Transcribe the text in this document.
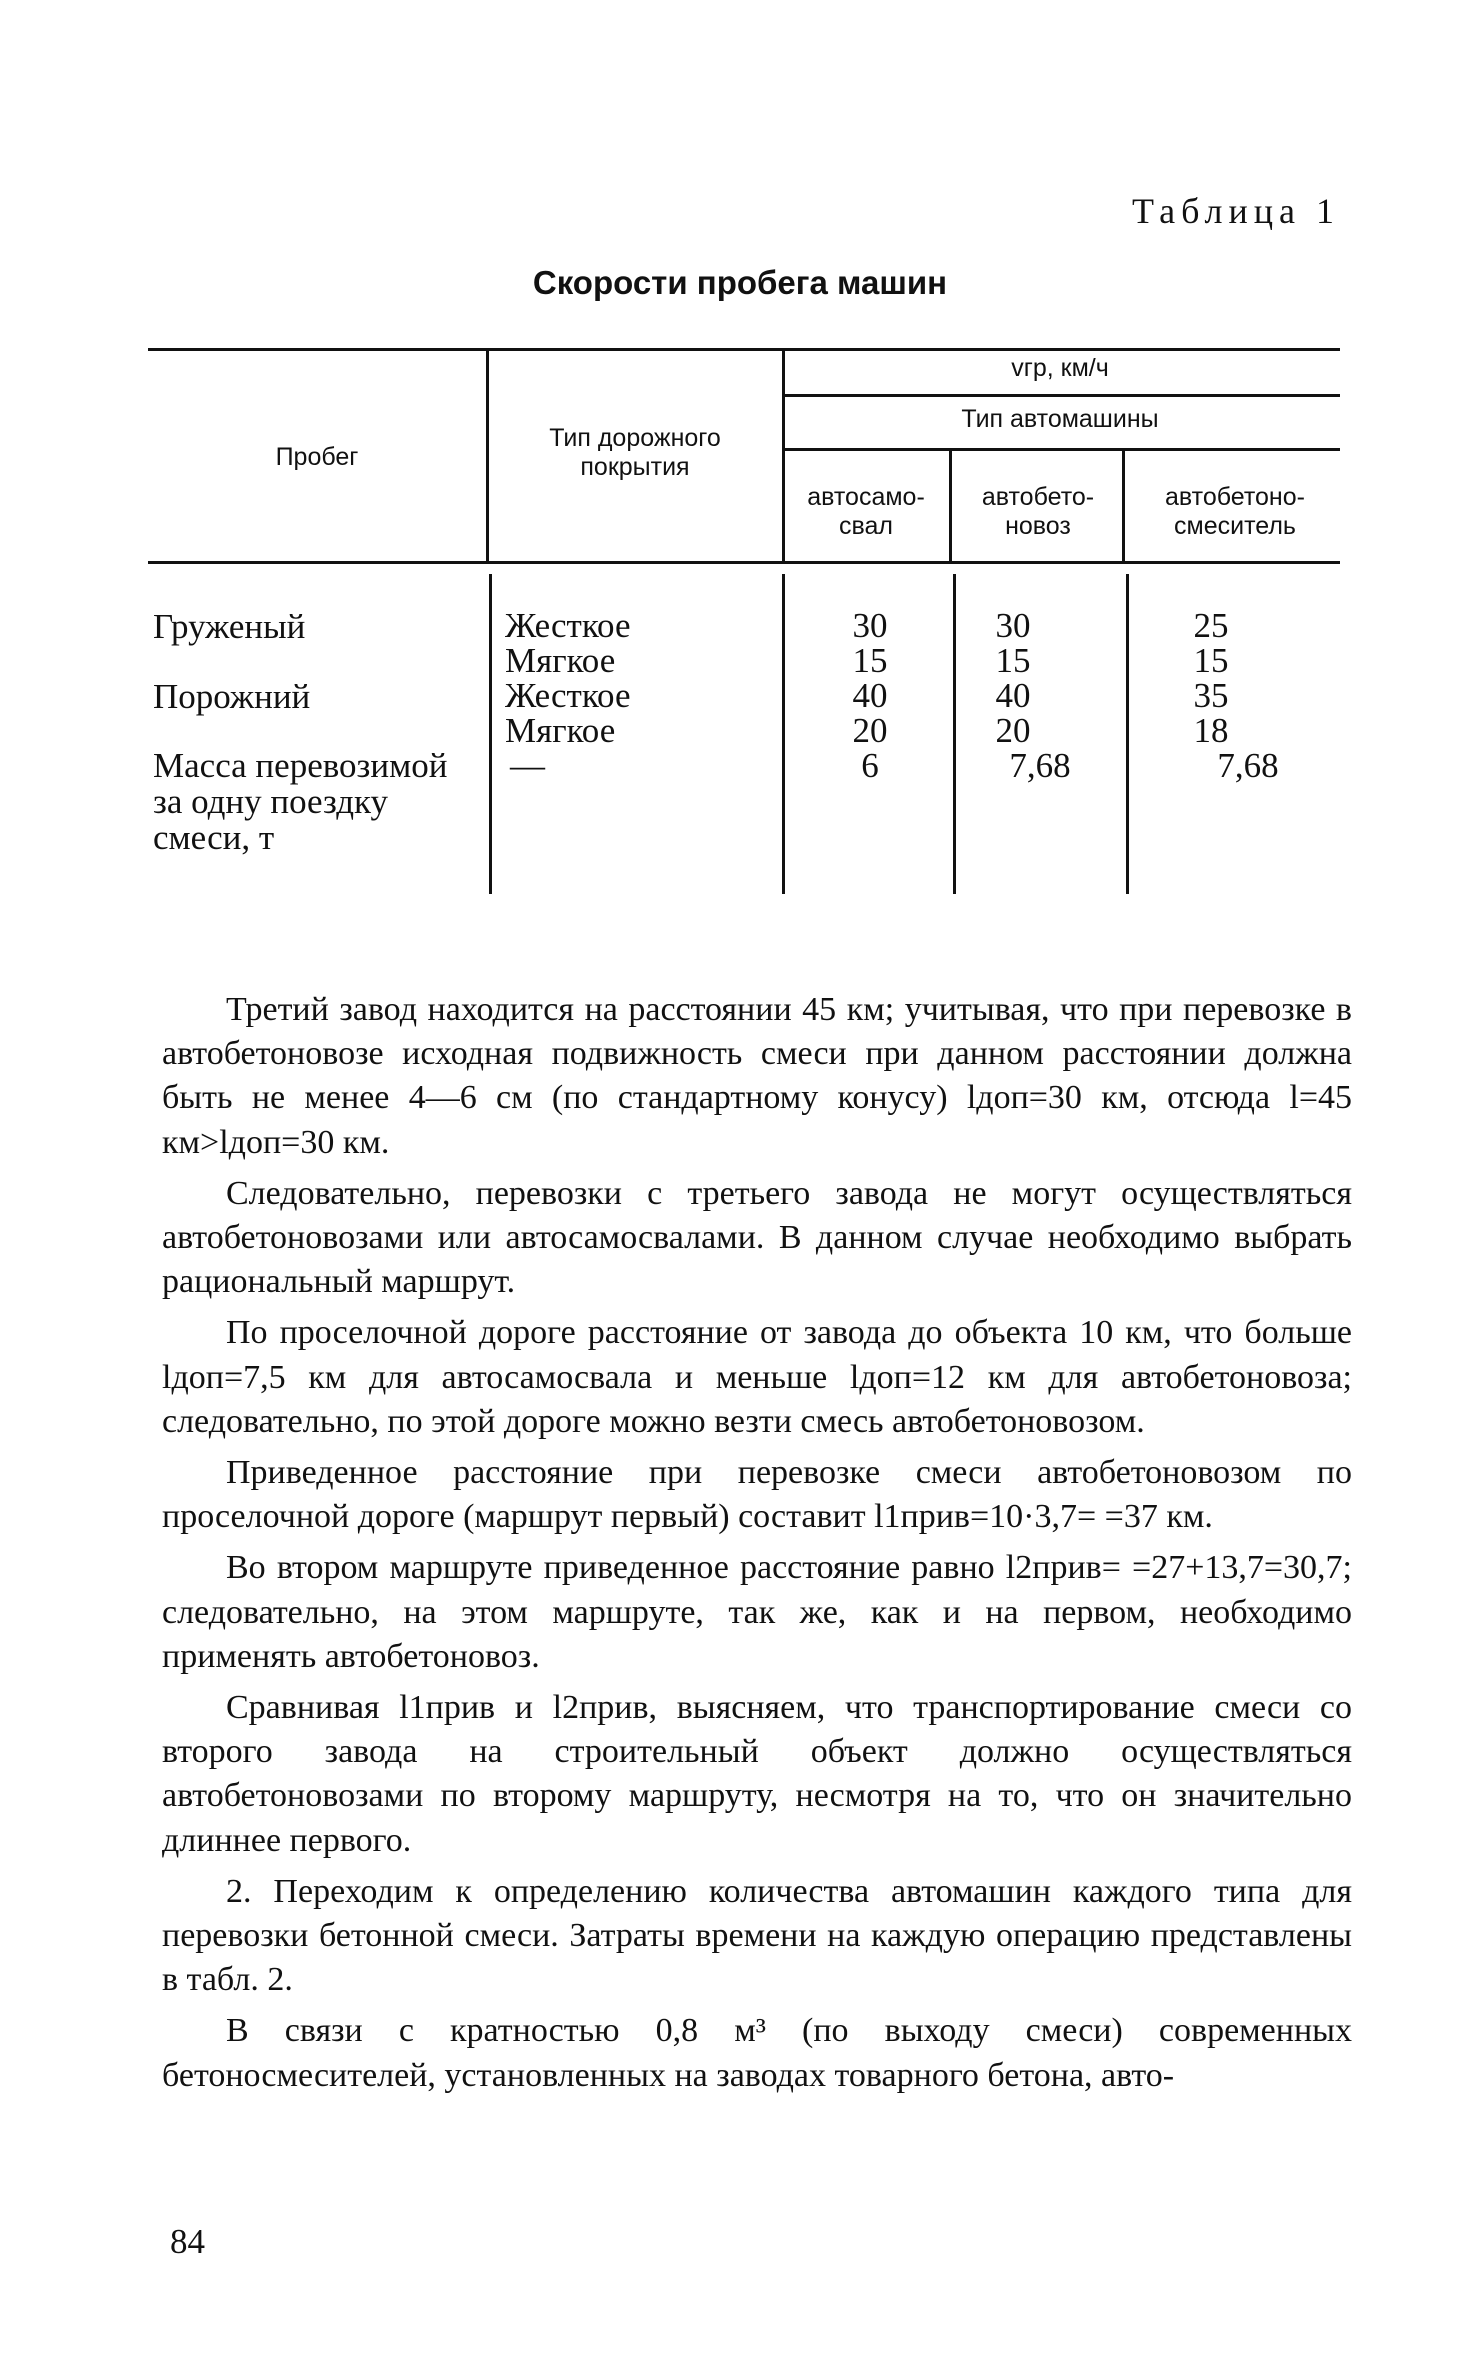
Таблица 1
Скорости пробега машин
Пробег
Тип дорожного покрытия
vгр, км/ч
Тип автомашины
автосамо-свал
автобето-новоз
автобетоно-смеситель
Груженый
Порожний
Масса перевозимой за одну поездку смеси, т
Жесткое
Мягкое
Жесткое
Мягкое
—
30
15
40
20
6
30
15
40
20
7,68
25
15
35
18
7,68

Третий завод находится на расстоянии 45 км; учитывая, что при перевозке в автобетоновозе исходная подвижность смеси при данном расстоянии должна быть не менее 4—6 см (по стандартному конусу) lдоп=30 км, отсюда l=45 км>lдоп=30 км.

Следовательно, перевозки с третьего завода не могут осуществляться автобетоновозами или автосамосвалами. В данном случае необходимо выбрать рациональный маршрут.

По проселочной дороге расстояние от завода до объекта 10 км, что больше lдоп=7,5 км для автосамосвала и меньше lдоп=12 км для автобетоновоза; следовательно, по этой дороге можно везти смесь автобетоновозом.

Приведенное расстояние при перевозке смеси автобетоновозом по проселочной дороге (маршрут первый) составит l1прив=10·3,7= =37 км.

Во втором маршруте приведенное расстояние равно l2прив= =27+13,7=30,7; следовательно, на этом маршруте, так же, как и на первом, необходимо применять автобетоновоз.

Сравнивая l1прив и l2прив, выясняем, что транспортирование смеси со второго завода на строительный объект должно осуществляться автобетоновозами по второму маршруту, несмотря на то, что он значительно длиннее первого.

2. Переходим к определению количества автомашин каждого типа для перевозки бетонной смеси. Затраты времени на каждую операцию представлены в табл. 2.

В связи с кратностью 0,8 м³ (по выходу смеси) современных бетоносмесителей, установленных на заводах товарного бетона, авто-

84
